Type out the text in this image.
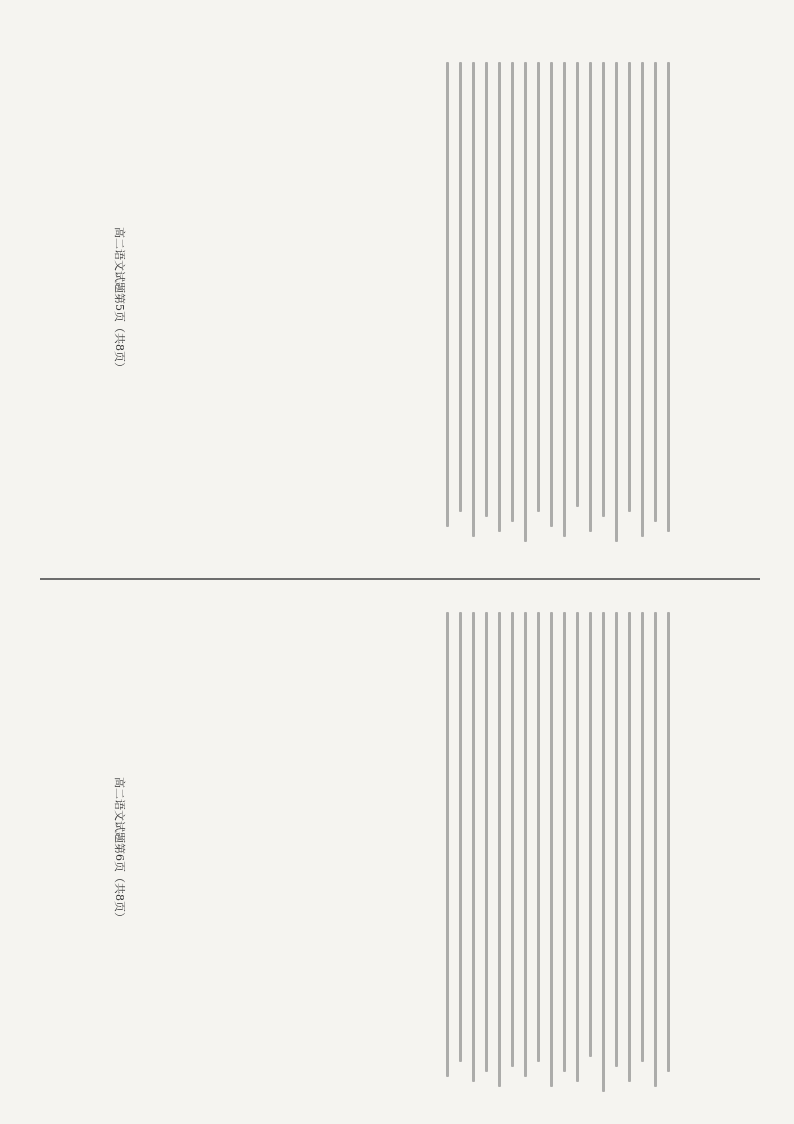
高二语文试题第5页（共8页）
高二语文试题第6页（共8页）
